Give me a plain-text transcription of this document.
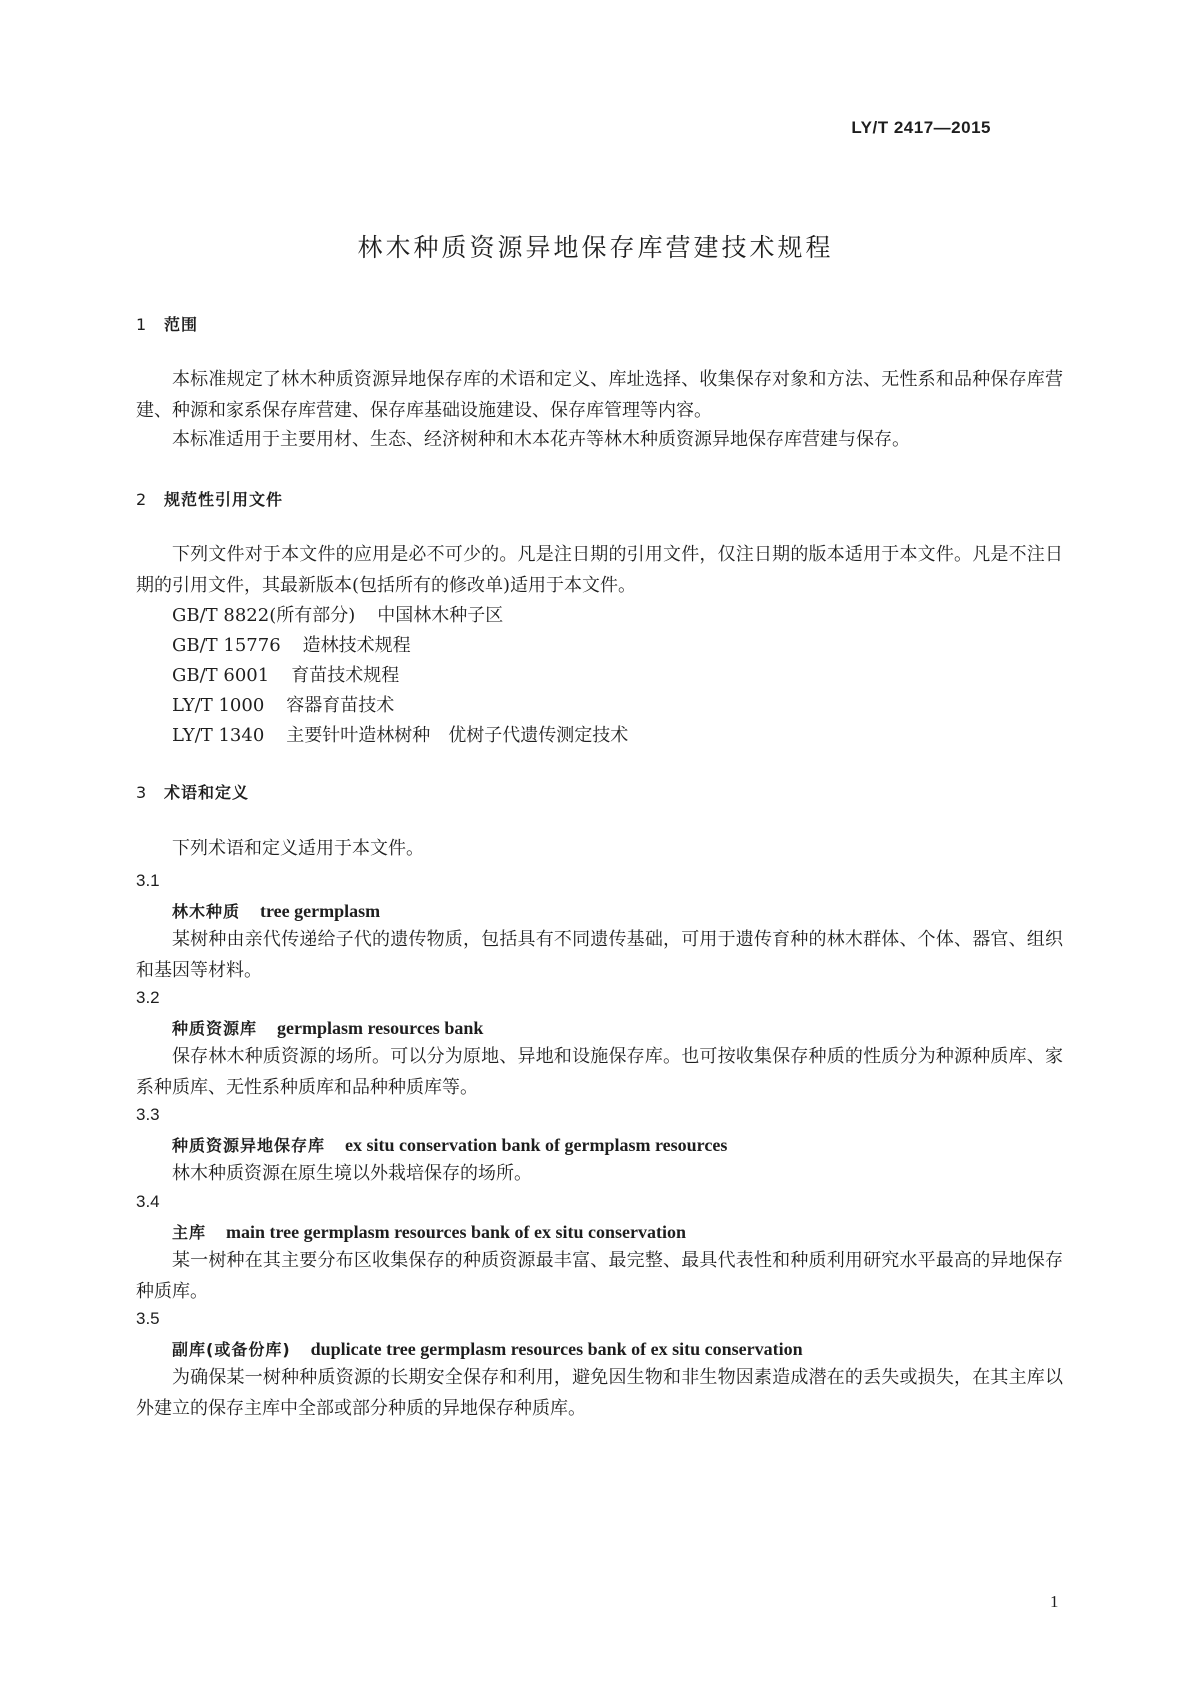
LY/T 2417—2015
林木种质资源异地保存库营建技术规程
1 范围
本标准规定了林木种质资源异地保存库的术语和定义、库址选择、收集保存对象和方法、无性系和品种保存库营建、种源和家系保存库营建、保存库基础设施建设、保存库管理等内容。
本标准适用于主要用材、生态、经济树种和木本花卉等林木种质资源异地保存库营建与保存。
2 规范性引用文件
下列文件对于本文件的应用是必不可少的。凡是注日期的引用文件，仅注日期的版本适用于本文件。凡是不注日期的引用文件，其最新版本(包括所有的修改单)适用于本文件。
GB/T 8822(所有部分) 中国林木种子区
GB/T 15776 造林技术规程
GB/T 6001 育苗技术规程
LY/T 1000 容器育苗技术
LY/T 1340 主要针叶造林树种　优树子代遗传测定技术
3 术语和定义
下列术语和定义适用于本文件。
3.1
林木种质 tree germplasm
某树种由亲代传递给子代的遗传物质，包括具有不同遗传基础，可用于遗传育种的林木群体、个体、器官、组织和基因等材料。
3.2
种质资源库 germplasm resources bank
保存林木种质资源的场所。可以分为原地、异地和设施保存库。也可按收集保存种质的性质分为种源种质库、家系种质库、无性系种质库和品种种质库等。
3.3
种质资源异地保存库 ex situ conservation bank of germplasm resources
林木种质资源在原生境以外栽培保存的场所。
3.4
主库 main tree germplasm resources bank of ex situ conservation
某一树种在其主要分布区收集保存的种质资源最丰富、最完整、最具代表性和种质利用研究水平最高的异地保存种质库。
3.5
副库(或备份库) duplicate tree germplasm resources bank of ex situ conservation
为确保某一树种种质资源的长期安全保存和利用，避免因生物和非生物因素造成潜在的丢失或损失，在其主库以外建立的保存主库中全部或部分种质的异地保存种质库。
1
